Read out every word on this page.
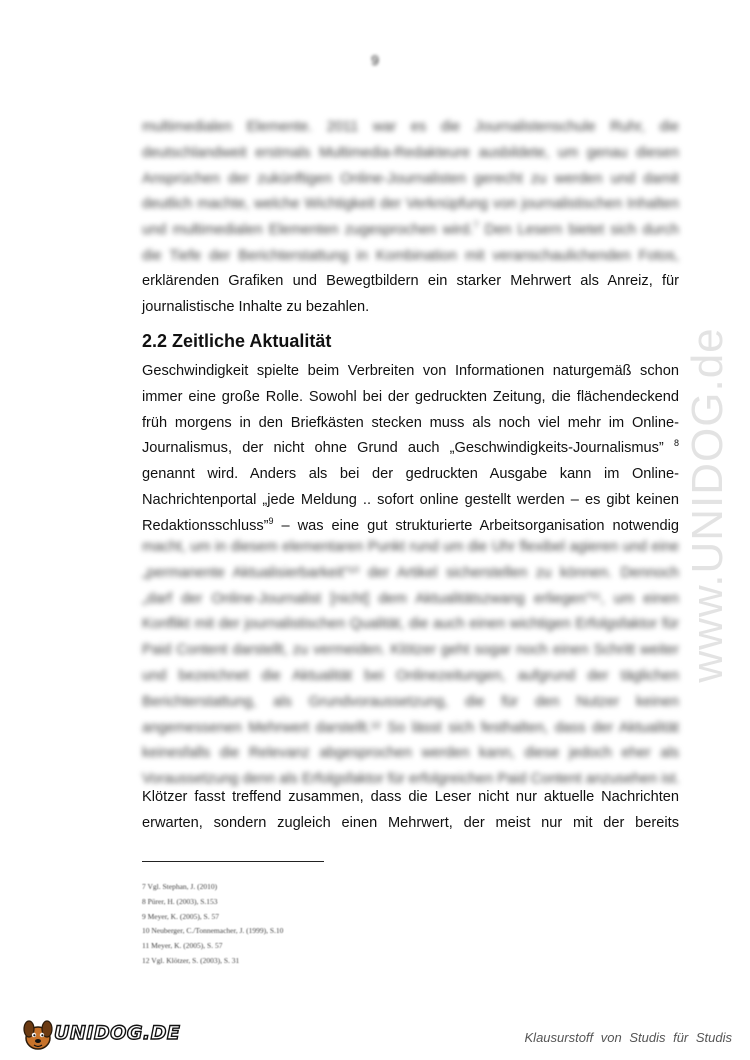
9

multimedialen Elemente. 2011 war es die Journalistenschule Ruhr, die
deutschlandweit erstmals Multimedia-Redakteure ausbildete, um genau diesen
Ansprüchen der zukünftigen Online-Journalisten gerecht zu werden und damit
deutlich machte, welche Wichtigkeit der Verknüpfung von journalistischen Inhalten
und multimedialen Elementen zugesprochen wird.$^7$ Den Lesern bietet sich durch
die Tiefe der Berichterstattung in Kombination mit veranschaulichenden Fotos,

erklärenden Grafiken und Bewegtbildern ein starker Mehrwert als Anreiz, für
journalistische Inhalte zu bezahlen.

2.2 Zeitliche Aktualität

Geschwindigkeit spielte beim Verbreiten von Informationen naturgemäß schon
immer eine große Rolle. Sowohl bei der gedruckten Zeitung, die flächendeckend
früh morgens in den Briefkästen stecken muss als noch viel mehr im Online-
Journalismus, der nicht ohne Grund auch „Geschwindigkeits-Journalismus” $^8$
genannt wird. Anders als bei der gedruckten Ausgabe kann im Online-
Nachrichtenportal „jede Meldung .. sofort online gestellt werden – es gibt keinen
Redaktionsschluss”$^9$ – was eine gut strukturierte Arbeitsorganisation notwendig

macht, um in diesem elementaren Punkt rund um die Uhr flexibel agieren und eine
„permanente Aktualisierbarkeit”¹⁰ der Artikel sicherstellen zu können. Dennoch
„darf der Online-Journalist [nicht] dem Aktualitätszwang erliegen”¹¹, um einen
Konflikt mit der journalistischen Qualität, die auch einen wichtigen Erfolgsfaktor für
Paid Content darstellt, zu vermeiden. Klötzer geht sogar noch einen Schritt weiter
und bezeichnet die Aktualität bei Onlinezeitungen, aufgrund der täglichen
Berichterstattung, als Grundvoraussetzung, die für den Nutzer keinen
angemessenen Mehrwert darstellt.¹² So lässt sich festhalten, dass der Aktualität
keinesfalls die Relevanz abgesprochen werden kann, diese jedoch eher als
Voraussetzung denn als Erfolgsfaktor für erfolgreichen Paid Content anzusehen ist.

Klötzer fasst treffend zusammen, dass die Leser nicht nur aktuelle Nachrichten
erwarten, sondern zugleich einen Mehrwert, der meist nur mit der bereits

7 Vgl. Stephan, J. (2010)
8 Pürer, H. (2003), S.153
9 Meyer, K. (2005), S. 57
10 Neuberger, C./Tonnemacher, J. (1999), S.10
11 Meyer, K. (2005), S. 57
12 Vgl. Klötzer, S. (2003), S. 31
www.UNIDOG.de
UNIDOG.DE	Klausurstoff von Studis für Studis
